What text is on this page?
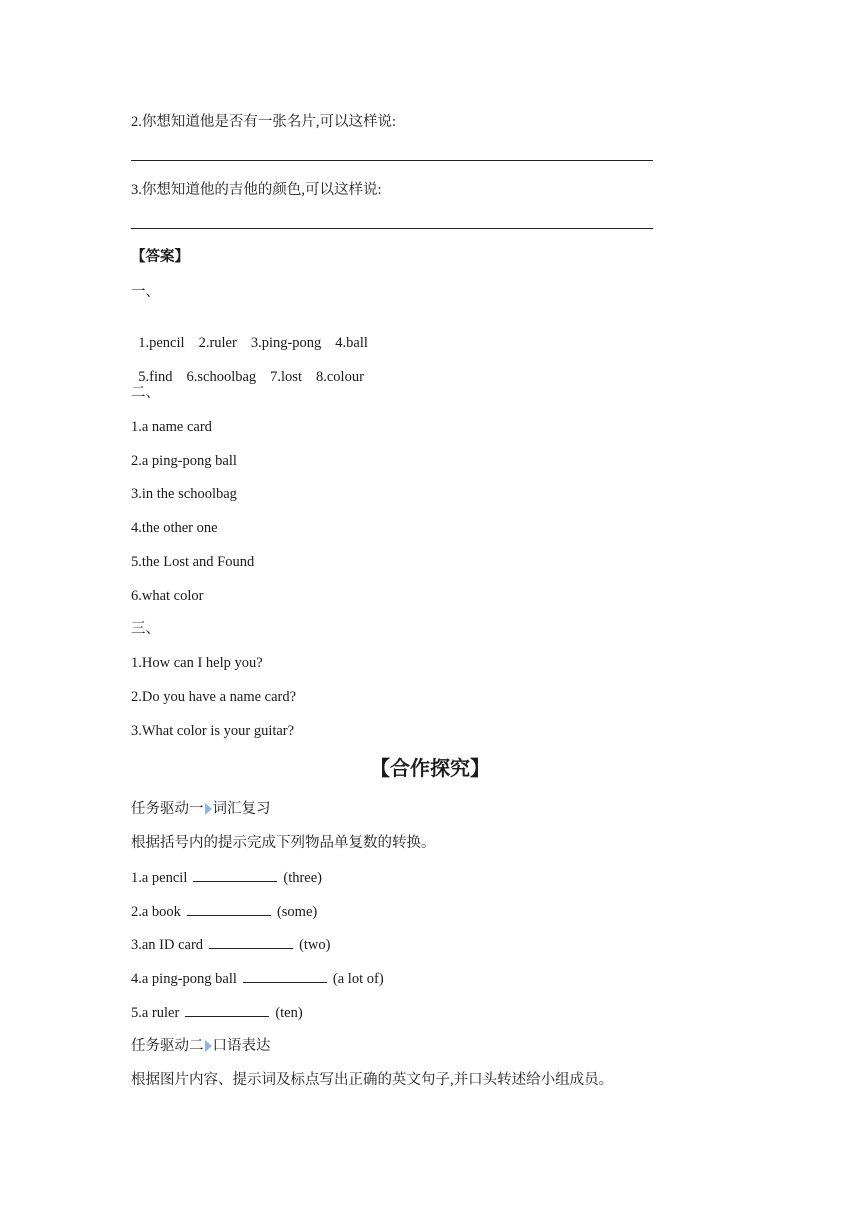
2.你想知道他是否有一张名片,可以这样说:
3.你想知道他的吉他的颜色,可以这样说:
【答案】
一、

1.pencil 2.ruler 3.ping-pong 4.ball

5.find 6.schoolbag 7.lost 8.colour

二、
1.a name card
2.a ping-pong ball
3.in the schoolbag
4.the other one
5.the Lost and Found
6.what color
三、
1.How can I help you?
2.Do you have a name card?
3.What color is your guitar?
【合作探究】
任务驱动一 词汇复习
根据括号内的提示完成下列物品单复数的转换。
1.a pencil	(three)
2.a book	(some)
3.an ID card	(two)
4.a ping-pong ball	(a lot of)
5.a ruler	(ten)
任务驱动二 口语表达
根据图片内容、提示词及标点写出正确的英文句子,并口头转述给小组成员。
